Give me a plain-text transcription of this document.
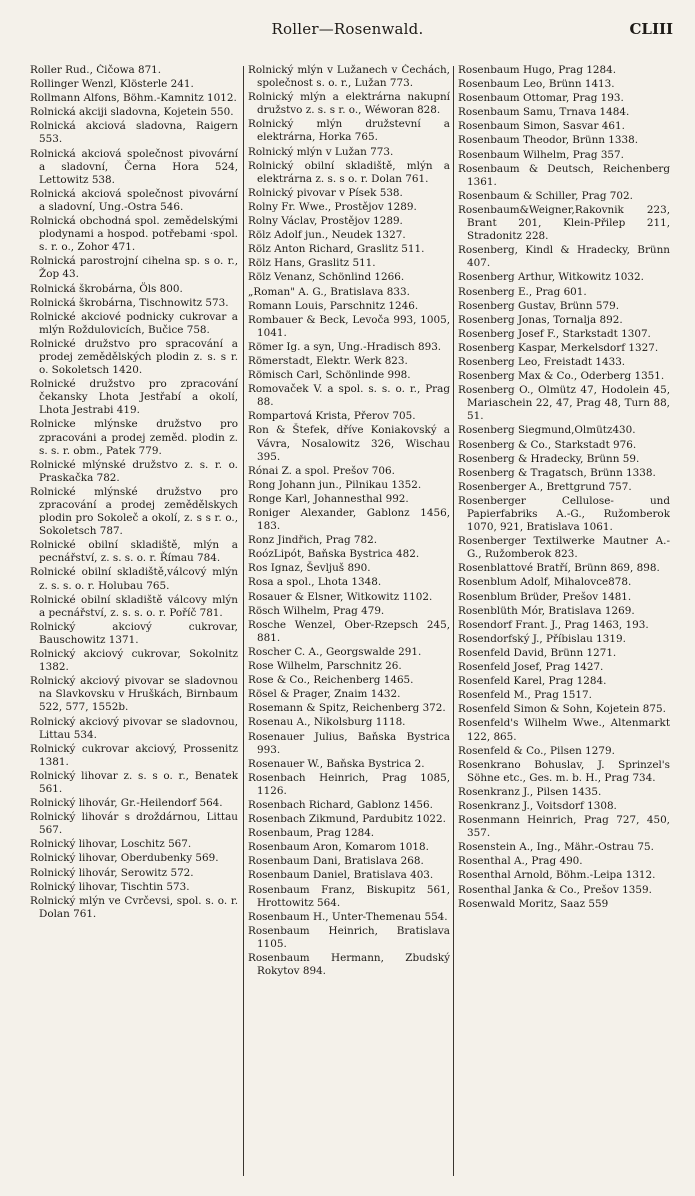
Roller—Rosenwald.	CLIII
Roller Rud., Čičowa 871.
Rollinger Wenzl, Klösterle 241.
Rollmann Alfons, Böhm.-Kamnitz 1012.
Rolnická akciji sladovna, Kojetein 550.
Rolnická akciová sladovna, Raigern 553.
Rolnická akciová společnost pivovární a sladovní, Černa Hora 524, Lettowitz 538.
Rolnická akciová společnost pivovární a sladovní, Ung.-Ostra 546.
Rolnická obchodná spol. zemědelskými plodynami a hospod. potřebami ·spol. s. r. o., Zohor 471.
Rolnická parostrojní cihelna sp. s o. r., Žop 43.
Rolnická škrobárna, Öls 800.
Rolnická škrobárna, Tischnowitz 573.
Rolnické akciové podnicky cukrovar a mlýn Roždulovicích, Bučice 758.
Rolnické družstvo pro spracování a prodej zemědělských plodin z. s. s r. o. Sokoletsch 1420.
Rolnické družstvo pro zpracování čekansky Lhota Jestřabí a okolí, Lhota Jestrabi 419.
Rolnicke mlýnske družstvo pro zpracováni a prodej zeměd. plodin z. s. s. r. obm., Patek 779.
Rolnické mlýnské družstvo z. s. r. o. Praskačka 782.
Rolnické mlýnské družstvo pro zpracování a prodej zemědělskych plodin pro Sokoleč a okolí, z. s s r. o., Sokoletsch 787.
Rolnické obilní skladiště, mlýn a pecnářství, z. s. s. o. r. Římau 784.
Rolnické obilní skladiště,válcový mlýn z. s. s. o. r. Holubau 765.
Rolnické obilní skladiště válcovy mlýn a pecnářství, z. s. s. o. r. Poříč 781.
Rolnický akciový cukrovar, Bauschowitz 1371.
Rolnický akciový cukrovar, Sokolnitz 1382.
Rolnický akciový pivovar se sladovnou na Slavkovsku v Hruškách, Birnbaum 522, 577, 1552b.
Rolnický akciový pivovar se sladovnou, Littau 534.
Rolnický cukrovar akciový, Prossenitz 1381.
Rolnický lihovar z. s. s o. r., Benatek 561.
Rolnický lihovár, Gr.-Heilendorf 564.
Rolnický lihovár s droždárnou, Littau 567.
Rolnický lihovar, Loschitz 567.
Rolnický lihovar, Oberdubenky 569.
Rolnický lihovár, Serowitz 572.
Rolnický lihovar, Tischtin 573.
Rolnický mlýn ve Cvrčevsi, spol. s. o. r. Dolan 761.
Rolnický mlýn v Lužanech v Čechách, společnost s. o. r., Lužan 773.
Rolnický mlýn a elektrárna nakupní družstvo z. s. s r. o., Wéworan 828.
Rolnický mlýn družstevní a elektrárna, Horka 765.
Rolnický mlýn v Lužan 773.
Rolnický obilní skladiště, mlýn a elektrárna z. s. s o. r. Dolan 761.
Rolnický pivovar v Písek 538.
Rolny Fr. Wwe., Prostějov 1289.
Rolny Václav, Prostějov 1289.
Rölz Adolf jun., Neudek 1327.
Rölz Anton Richard, Graslitz 511.
Rölz Hans, Graslitz 511.
Rölz Venanz, Schönlind 1266.
„Roman" A. G., Bratislava 833.
Romann Louis, Parschnitz 1246.
Rombauer & Beck, Levoča 993, 1005, 1041.
Römer Ig. a syn, Ung.-Hradisch 893.
Römerstadt, Elektr. Werk 823.
Römisch Carl, Schönlinde 998.
Romovaček V. a spol. s. s. o. r., Prag 88.
Rompartová Krista, Přerov 705.
Ron & Štefek, dříve Koniakovský a Vávra, Nosalowitz 326, Wischau 395.
Rónai Z. a spol. Prešov 706.
Rong Johann jun., Pilnikau 1352.
Ronge Karl, Johannesthal 992.
Roniger Alexander, Gablonz 1456, 183.
Ronz Jindřich, Prag 782.
RoózLipót, Baňska Bystrica 482.
Ros Ignaz, Ševljuš 890.
Rosa a spol., Lhota 1348.
Rosauer & Elsner, Witkowitz 1102.
Rösch Wilhelm, Prag 479.
Rosche Wenzel, Ober-Rzepsch 245, 881.
Roscher C. A., Georgswalde 291.
Rose Wilhelm, Parschnitz 26.
Rose & Co., Reichenberg 1465.
Rösel & Prager, Znaim 1432.
Rosemann & Spitz, Reichenberg 372.
Rosenau A., Nikolsburg 1118.
Rosenauer Julius, Baňska Bystrica 993.
Rosenauer W., Baňska Bystrica 2.
Rosenbach Heinrich, Prag 1085, 1126.
Rosenbach Richard, Gablonz 1456.
Rosenbach Zikmund, Pardubitz 1022.
Rosenbaum, Prag 1284.
Rosenbaum Aron, Komarom 1018.
Rosenbaum Dani, Bratislava 268.
Rosenbaum Daniel, Bratislava 403.
Rosenbaum Franz, Biskupitz 561, Hrottowitz 564.
Rosenbaum H., Unter-Themenau 554.
Rosenbaum Heinrich, Bratislava 1105.
Rosenbaum Hermann, Zbudský Rokytov 894.
Rosenbaum Hugo, Prag 1284.
Rosenbaum Leo, Brünn 1413.
Rosenbaum Ottomar, Prag 193.
Rosenbaum Samu, Trnava 1484.
Rosenbaum Simon, Sasvar 461.
Rosenbaum Theodor, Brünn 1338.
Rosenbaum Wilhelm, Prag 357.
Rosenbaum & Deutsch, Reichenberg 1361.
Rosenbaum & Schiller, Prag 702.
Rosenbaum&Weigner,Rakovnik 223, Brant 201, Klein-Přilep 211, Stradonitz 228.
Rosenberg, Kindl & Hradecky, Brünn 407.
Rosenberg Arthur, Witkowitz 1032.
Rosenberg E., Prag 601.
Rosenberg Gustav, Brünn 579.
Rosenberg Jonas, Tornalja 892.
Rosenberg Josef F., Starkstadt 1307.
Rosenberg Kaspar, Merkelsdorf 1327.
Rosenberg Leo, Freistadt 1433.
Rosenberg Max & Co., Oderberg 1351.
Rosenberg O., Olmütz 47, Hodolein 45, Mariaschein 22, 47, Prag 48, Turn 88, 51.
Rosenberg Siegmund,Olmütz430.
Rosenberg & Co., Starkstadt 976.
Rosenberg & Hradecky, Brünn 59.
Rosenberg & Tragatsch, Brünn 1338.
Rosenberger A., Brettgrund 757.
Rosenberger Cellulose- und Papierfabriks A.-G., Ružomberok 1070, 921, Bratislava 1061.
Rosenberger Textilwerke Mautner A.-G., Ružomberok 823.
Rosenblattové Bratří, Brünn 869, 898.
Rosenblum Adolf, Mihalovce878.
Rosenblum Brüder, Prešov 1481.
Rosenblüth Mór, Bratislava 1269.
Rosendorf Frant. J., Prag 1463, 193.
Rosendorfský J., Příbislau 1319.
Rosenfeld David, Brünn 1271.
Rosenfeld Josef, Prag 1427.
Rosenfeld Karel, Prag 1284.
Rosenfeld M., Prag 1517.
Rosenfeld Simon & Sohn, Kojetein 875.
Rosenfeld's Wilhelm Wwe., Altenmarkt 122, 865.
Rosenfeld & Co., Pilsen 1279.
Rosenkrano Bohuslav, J. Sprinzel's Söhne etc., Ges. m. b. H., Prag 734.
Rosenkranz J., Pilsen 1435.
Rosenkranz J., Voitsdorf 1308.
Rosenmann Heinrich, Prag 727, 450, 357.
Rosenstein A., Ing., Mähr.-Ostrau 75.
Rosenthal A., Prag 490.
Rosenthal Arnold, Böhm.-Leipa 1312.
Rosenthal Janka & Co., Prešov 1359.
Rosenwald Moritz, Saaz 559
